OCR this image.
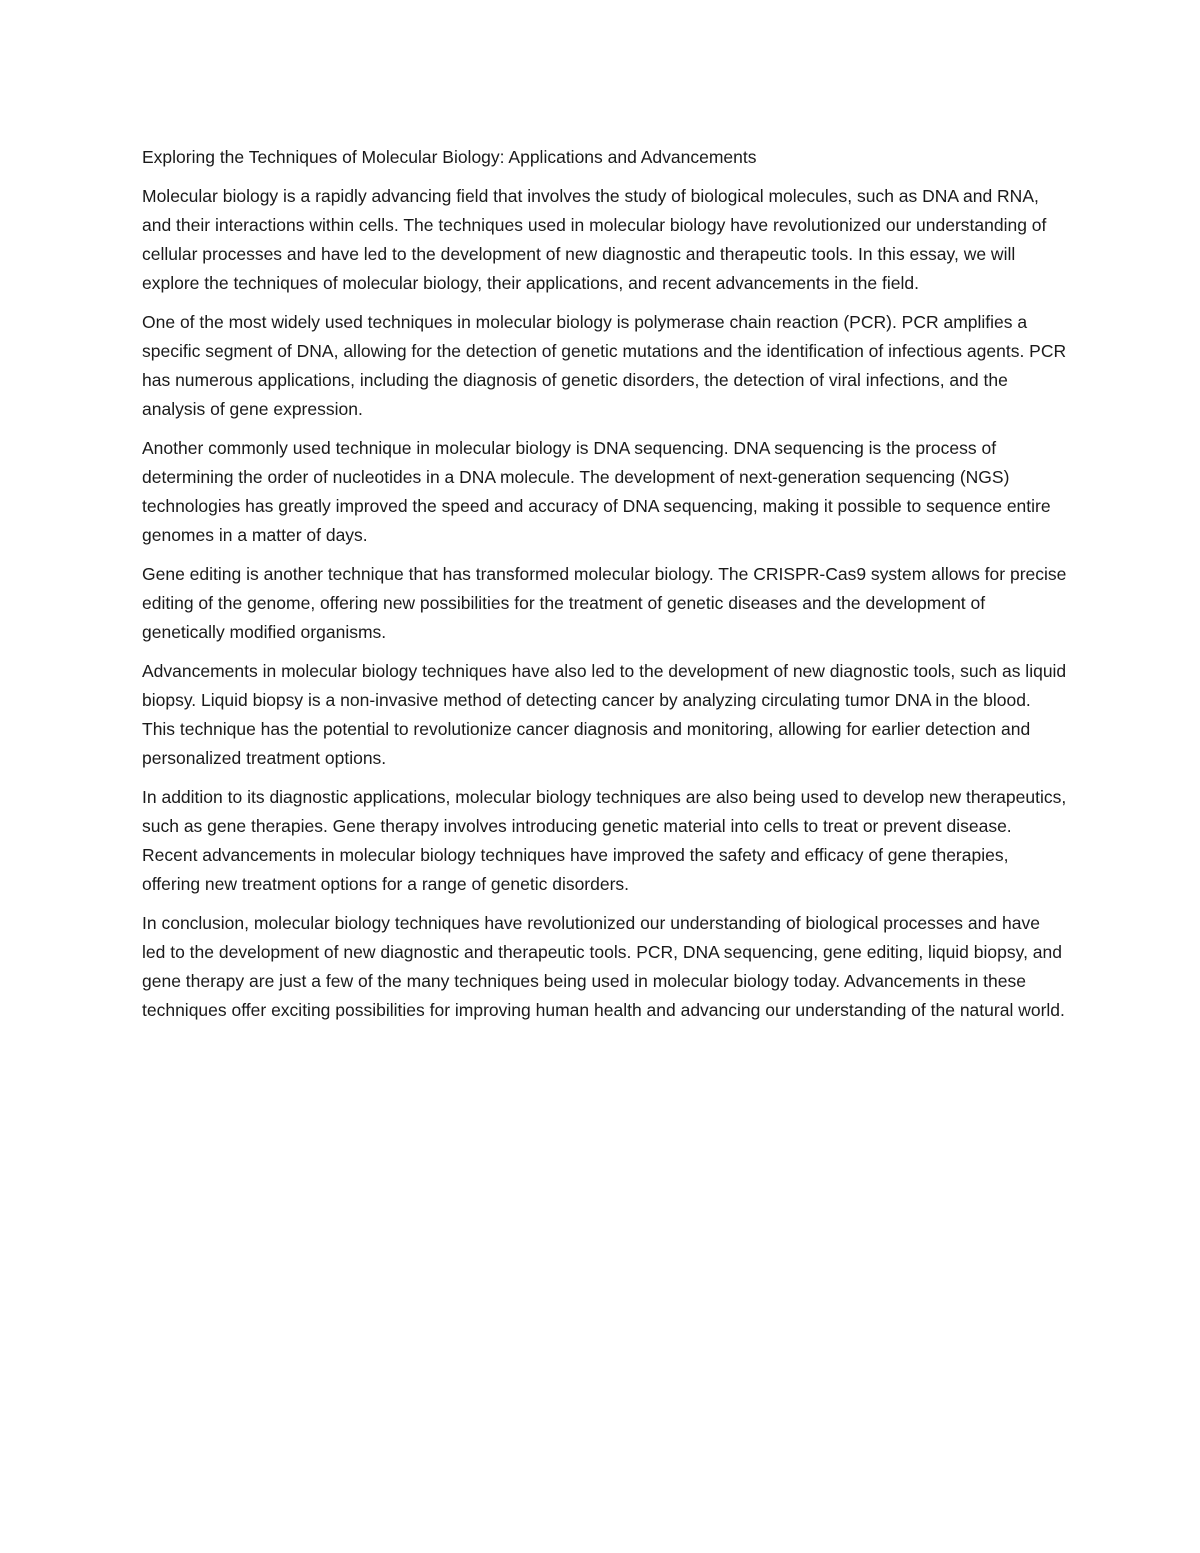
Exploring the Techniques of Molecular Biology: Applications and Advancements

Molecular biology is a rapidly advancing field that involves the study of biological molecules, such as DNA and RNA, and their interactions within cells. The techniques used in molecular biology have revolutionized our understanding of cellular processes and have led to the development of new diagnostic and therapeutic tools. In this essay, we will explore the techniques of molecular biology, their applications, and recent advancements in the field.

One of the most widely used techniques in molecular biology is polymerase chain reaction (PCR). PCR amplifies a specific segment of DNA, allowing for the detection of genetic mutations and the identification of infectious agents. PCR has numerous applications, including the diagnosis of genetic disorders, the detection of viral infections, and the analysis of gene expression.

Another commonly used technique in molecular biology is DNA sequencing. DNA sequencing is the process of determining the order of nucleotides in a DNA molecule. The development of next-generation sequencing (NGS) technologies has greatly improved the speed and accuracy of DNA sequencing, making it possible to sequence entire genomes in a matter of days.

Gene editing is another technique that has transformed molecular biology. The CRISPR-Cas9 system allows for precise editing of the genome, offering new possibilities for the treatment of genetic diseases and the development of genetically modified organisms.

Advancements in molecular biology techniques have also led to the development of new diagnostic tools, such as liquid biopsy. Liquid biopsy is a non-invasive method of detecting cancer by analyzing circulating tumor DNA in the blood. This technique has the potential to revolutionize cancer diagnosis and monitoring, allowing for earlier detection and personalized treatment options.

In addition to its diagnostic applications, molecular biology techniques are also being used to develop new therapeutics, such as gene therapies. Gene therapy involves introducing genetic material into cells to treat or prevent disease. Recent advancements in molecular biology techniques have improved the safety and efficacy of gene therapies, offering new treatment options for a range of genetic disorders.

In conclusion, molecular biology techniques have revolutionized our understanding of biological processes and have led to the development of new diagnostic and therapeutic tools. PCR, DNA sequencing, gene editing, liquid biopsy, and gene therapy are just a few of the many techniques being used in molecular biology today. Advancements in these techniques offer exciting possibilities for improving human health and advancing our understanding of the natural world.
